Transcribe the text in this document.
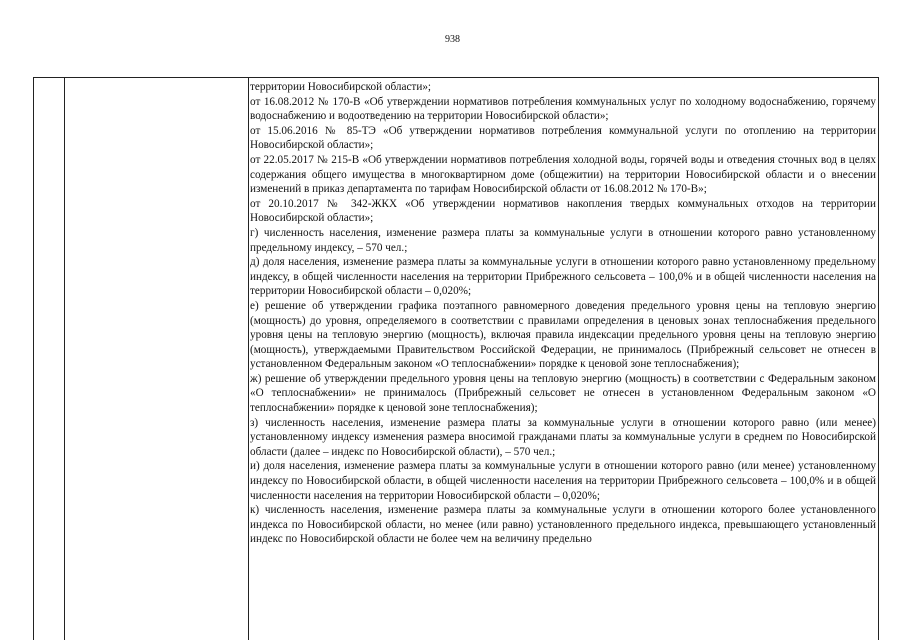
938

территории Новосибирской области»;

от 16.08.2012 № 170-В «Об утверждении нормативов потребления коммунальных услуг по холодному водоснабжению, горячему водоснабжению и водоотведению на территории Новосибирской области»;

от 15.06.2016 № 85-ТЭ «Об утверждении нормативов потребления коммунальной услуги по отоплению на территории Новосибирской области»;

от 22.05.2017 № 215-В «Об утверждении нормативов потребления холодной воды, горячей воды и отведения сточных вод в целях содержания общего имущества в многоквартирном доме (общежитии) на территории Новосибирской области и о внесении изменений в приказ департамента по тарифам Новосибирской области от 16.08.2012 № 170-В»;

от 20.10.2017 № 342-ЖКХ «Об утверждении нормативов накопления твердых коммунальных отходов на территории Новосибирской области»;

г) численность населения, изменение размера платы за коммунальные услуги в отношении которого равно установленному предельному индексу, – 570 чел.;

д) доля населения, изменение размера платы за коммунальные услуги в отношении которого равно установленному предельному индексу, в общей численности населения на территории Прибрежного сельсовета – 100,0% и в общей численности населения на территории Новосибирской области – 0,020%;

е) решение об утверждении графика поэтапного равномерного доведения предельного уровня цены на тепловую энергию (мощность) до уровня, определяемого в соответствии с правилами определения в ценовых зонах теплоснабжения предельного уровня цены на тепловую энергию (мощность), включая правила индексации предельного уровня цены на тепловую энергию (мощность), утверждаемыми Правительством Российской Федерации, не принималось (Прибрежный сельсовет не отнесен в установленном Федеральным законом «О теплоснабжении» порядке к ценовой зоне теплоснабжения);

ж) решение об утверждении предельного уровня цены на тепловую энергию (мощность) в соответствии с Федеральным законом «О теплоснабжении» не принималось (Прибрежный сельсовет не отнесен в установленном Федеральным законом «О теплоснабжении» порядке к ценовой зоне теплоснабжения);

з) численность населения, изменение размера платы за коммунальные услуги в отношении которого равно (или менее) установленному индексу изменения размера вносимой гражданами платы за коммунальные услуги в среднем по Новосибирской области (далее – индекс по Новосибирской области), – 570 чел.;

и) доля населения, изменение размера платы за коммунальные услуги в отношении которого равно (или менее) установленному индексу по Новосибирской области, в общей численности населения на территории Прибрежного сельсовета – 100,0% и в общей численности населения на территории Новосибирской области – 0,020%;

к) численность населения, изменение размера платы за коммунальные услуги в отношении которого более установленного индекса по Новосибирской области, но менее (или равно) установленного предельного индекса, превышающего установленный индекс по Новосибирской области не более чем на величину предельно
